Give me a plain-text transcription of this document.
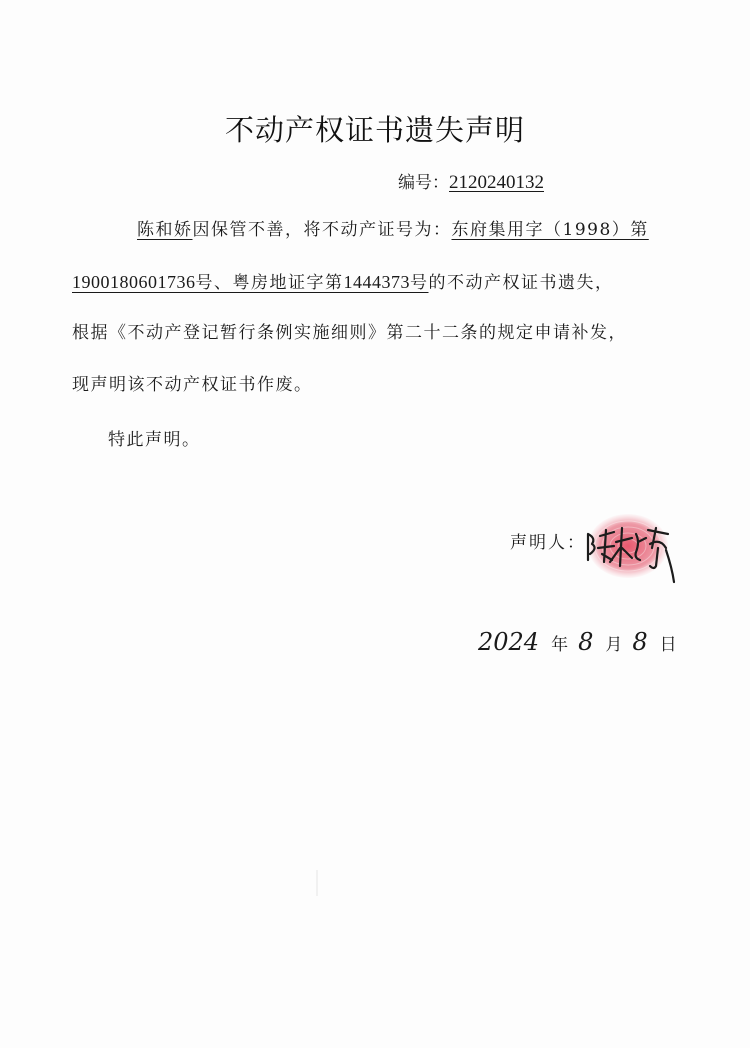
不动产权证书遗失声明
编号：2120240132
陈和娇因保管不善，将不动产证号为：东府集用字（1998）第
1900180601736号、粤房地证字第1444373号的不动产权证书遗失，
根据《不动产登记暂行条例实施细则》第二十二条的规定申请补发，
现声明该不动产权证书作废。
特此声明。
声明人：
2024 年 8 月 8 日
